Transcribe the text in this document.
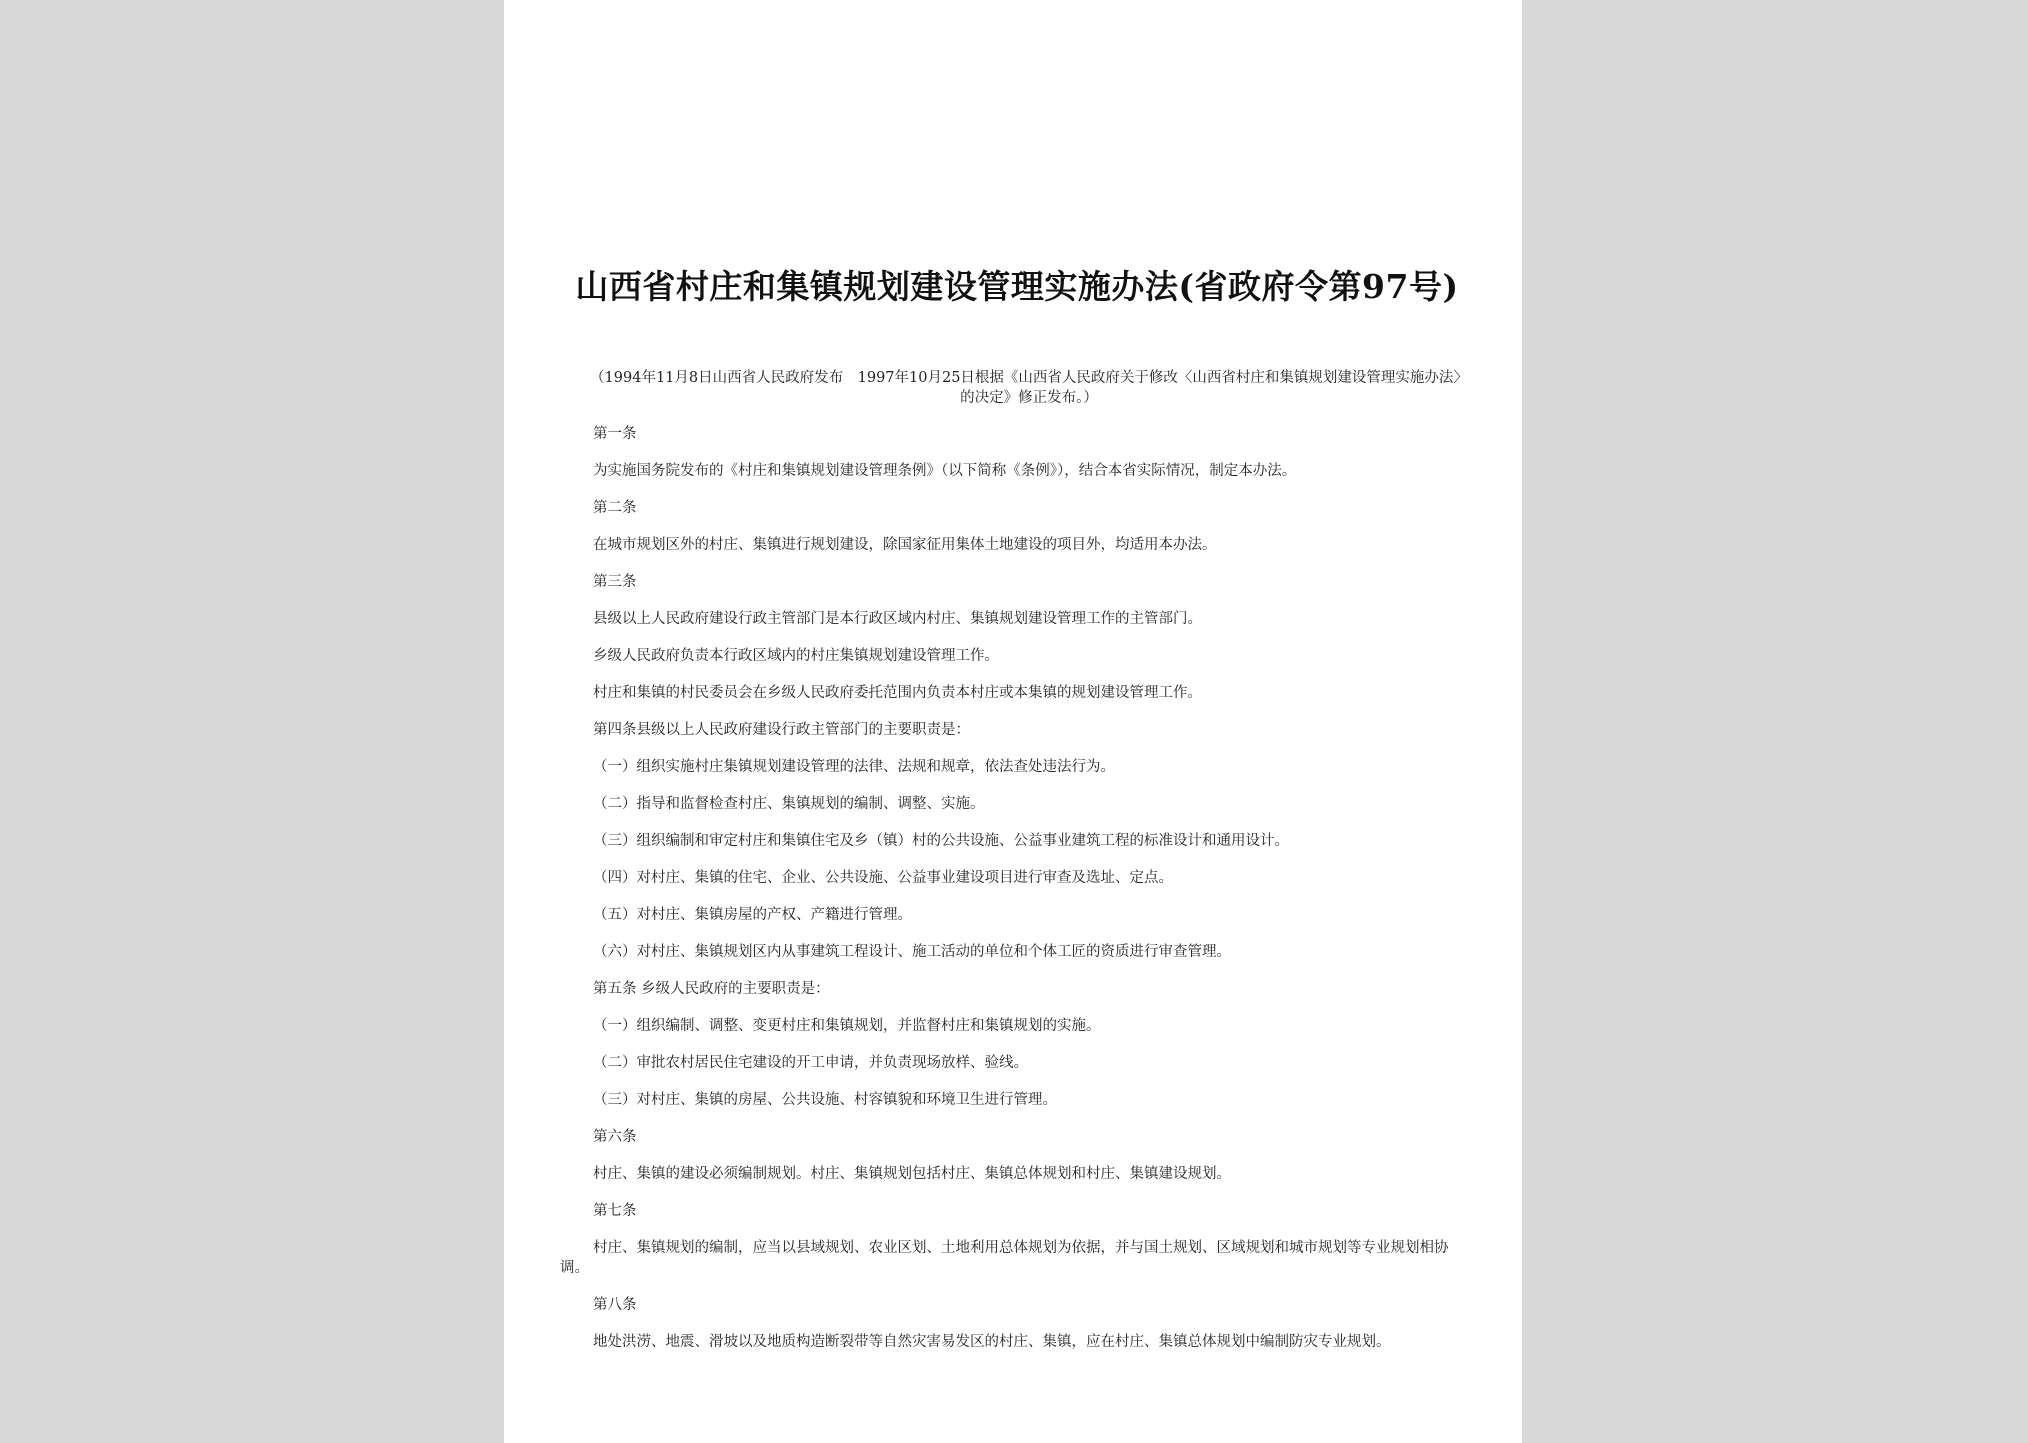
山西省村庄和集镇规划建设管理实施办法(省政府令第97号)

（1994年11月8日山西省人民政府发布　1997年10月25日根据《山西省人民政府关于修改〈山西省村庄和集镇规划建设管理实施办法〉的决定》修正发布。）

第一条

为实施国务院发布的《村庄和集镇规划建设管理条例》（以下简称《条例》），结合本省实际情况，制定本办法。

第二条

在城市规划区外的村庄、集镇进行规划建设，除国家征用集体土地建设的项目外，均适用本办法。

第三条

县级以上人民政府建设行政主管部门是本行政区域内村庄、集镇规划建设管理工作的主管部门。

乡级人民政府负责本行政区域内的村庄集镇规划建设管理工作。

村庄和集镇的村民委员会在乡级人民政府委托范围内负责本村庄或本集镇的规划建设管理工作。

第四条县级以上人民政府建设行政主管部门的主要职责是：

（一）组织实施村庄集镇规划建设管理的法律、法规和规章，依法查处违法行为。

（二）指导和监督检查村庄、集镇规划的编制、调整、实施。

（三）组织编制和审定村庄和集镇住宅及乡（镇）村的公共设施、公益事业建筑工程的标准设计和通用设计。

（四）对村庄、集镇的住宅、企业、公共设施、公益事业建设项目进行审查及选址、定点。

（五）对村庄、集镇房屋的产权、产籍进行管理。

（六）对村庄、集镇规划区内从事建筑工程设计、施工活动的单位和个体工匠的资质进行审查管理。

第五条 乡级人民政府的主要职责是：

（一）组织编制、调整、变更村庄和集镇规划，并监督村庄和集镇规划的实施。

（二）审批农村居民住宅建设的开工申请，并负责现场放样、验线。

（三）对村庄、集镇的房屋、公共设施、村容镇貌和环境卫生进行管理。

第六条

村庄、集镇的建设必须编制规划。村庄、集镇规划包括村庄、集镇总体规划和村庄、集镇建设规划。

第七条

村庄、集镇规划的编制，应当以县域规划、农业区划、土地利用总体规划为依据，并与国土规划、区域规划和城市规划等专业规划相协调。

第八条

地处洪涝、地震、滑坡以及地质构造断裂带等自然灾害易发区的村庄、集镇，应在村庄、集镇总体规划中编制防灾专业规划。
